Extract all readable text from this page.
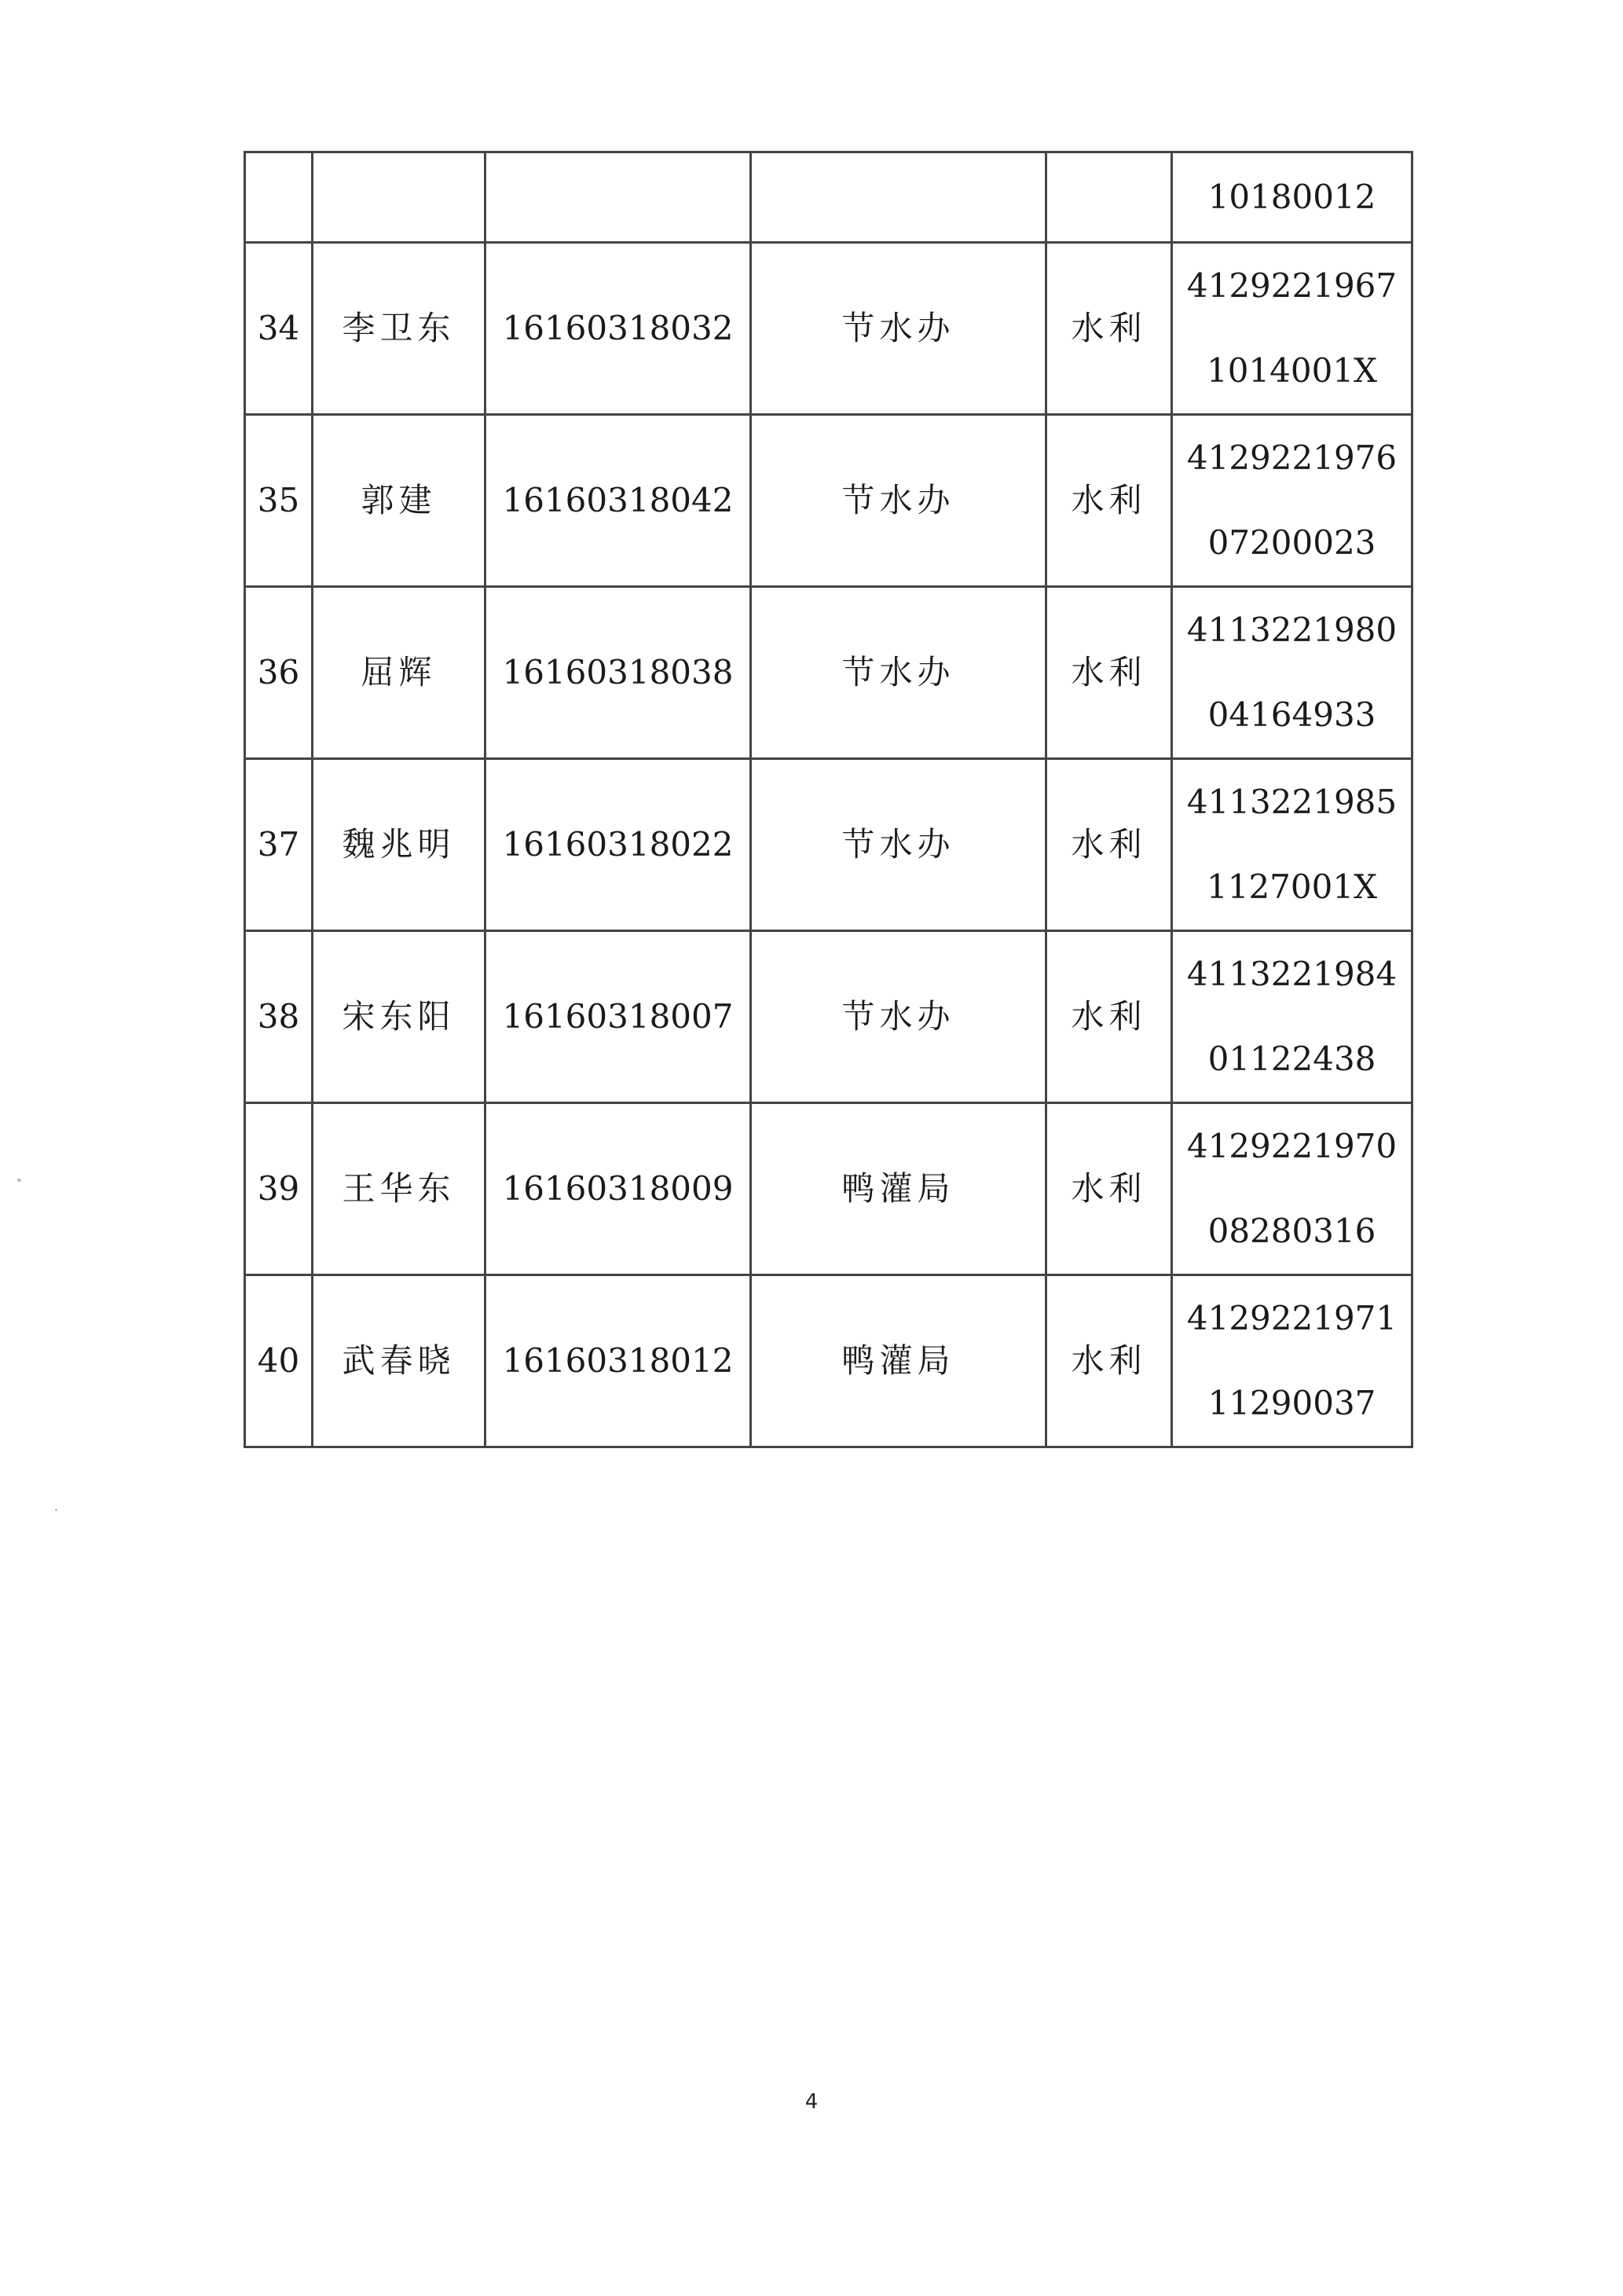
					10180012

34	李卫东	16160318032	节水办	水利	4129221967
1014001X

35	郭建	16160318042	节水办	水利	4129221976
07200023

36	屈辉	16160318038	节水办	水利	4113221980
04164933

37	魏兆明	16160318022	节水办	水利	4113221985
1127001X

38	宋东阳	16160318007	节水办	水利	4113221984
01122438

39	王华东	16160318009	鸭灌局	水利	4129221970
08280316

40	武春晓	16160318012	鸭灌局	水利	4129221971
11290037
4
